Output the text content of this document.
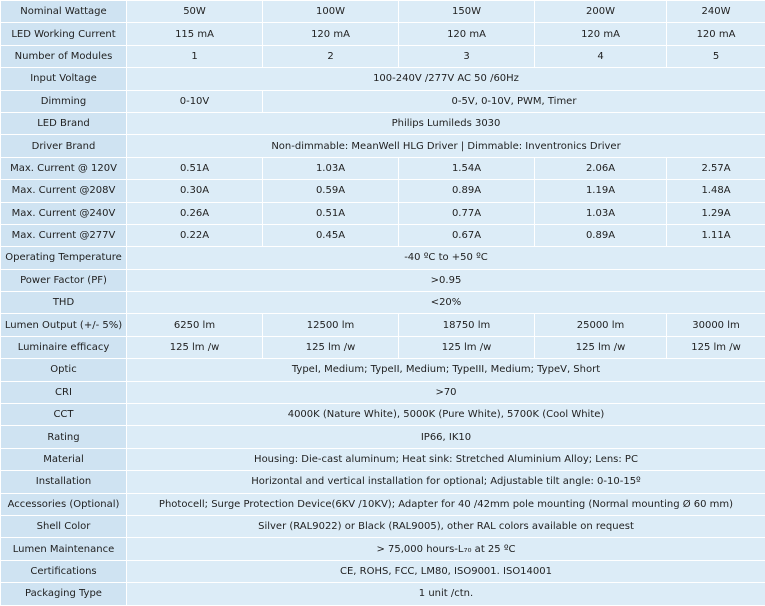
Nominal Wattage	50W	100W	150W	200W	240W
LED Working Current	115 mA	120 mA	120 mA	120 mA	120 mA
Number of Modules	1	2	3	4	5
Input Voltage	100-240V /277V AC 50 /60Hz				
Dimming	0-10V	0-5V, 0-10V, PWM, Timer			
LED Brand	Philips Lumileds 3030				
Driver Brand	Non-dimmable: MeanWell HLG Driver | Dimmable: Inventronics Driver				
Max. Current @ 120V	0.51A	1.03A	1.54A	2.06A	2.57A
Max. Current @208V	0.30A	0.59A	0.89A	1.19A	1.48A
Max. Current @240V	0.26A	0.51A	0.77A	1.03A	1.29A
Max. Current @277V	0.22A	0.45A	0.67A	0.89A	1.11A
Operating Temperature	-40 ºC to +50 ºC				
Power Factor (PF)	>0.95				
THD	<20%				
Lumen Output (+/- 5%)	6250 lm	12500 lm	18750 lm	25000 lm	30000 lm
Luminaire efficacy	125 lm /w	125 lm /w	125 lm /w	125 lm /w	125 lm /w
Optic	TypeI, Medium; TypeII, Medium; TypeIII, Medium; TypeV, Short				
CRI	>70				
CCT	4000K (Nature White), 5000K (Pure White), 5700K (Cool White)				
Rating	IP66, IK10				
Material	Housing: Die-cast aluminum; Heat sink: Stretched Aluminium Alloy; Lens: PC				
Installation	Horizontal and vertical installation for optional; Adjustable tilt angle: 0-10-15º				
Accessories (Optional)	Photocell; Surge Protection Device(6KV /10KV); Adapter for 40 /42mm pole mounting (Normal mounting Ø 60 mm)				
Shell Color	Silver (RAL9022) or Black (RAL9005), other RAL colors available on request				
Lumen Maintenance	> 75,000 hours-L₇₀ at 25 ºC				
Certifications	CE, ROHS, FCC, LM80, ISO9001. ISO14001				
Packaging Type	1 unit /ctn.				
